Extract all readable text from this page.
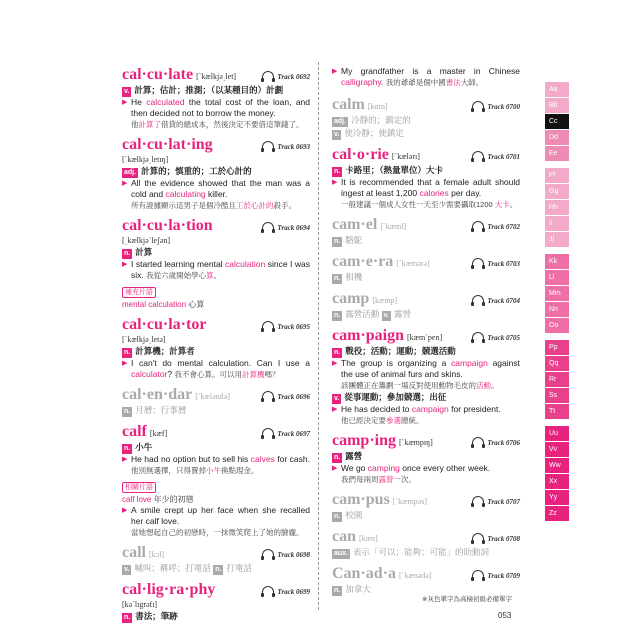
cal·cu·late [ˋkælkjə͵let]	Track 0692
v. 計算；估計；推測；（以某種目的）計劃
▶ He calculated the total cost of the loan, and then decided not to borrow the money.
他計算了借貸的總成本，然後決定不要借這筆錢了。
cal·cu·lat·ing	Track 0693
[ˋkælkjə͵letɪŋ]
adj. 計算的；慎重的；工於心計的
▶ All the evidence showed that the man was a cold and calculating killer.
所有證據顯示這男子是個冷酷且工於心計的殺手。
cal·cu·la·tion	Track 0694
[͵kælkjəˋleʃən]
n. 計算
▶ I started learning mental calculation since I was six. 我從六歲開始學心算。
補充片語
mental calculation 心算
cal·cu·la·tor	Track 0695
[ˋkælkjə͵letə]
n. 計算機；計算者
▶ I can't do mental calculation. Can I use a calculator? 我不會心算。可以用計算機嗎？
cal·en·dar [ˋkæləndə]	Track 0696
n. 月曆；行事曆
calf [kæf]	Track 0697
n. 小牛
▶ He had no option but to sell his calves for cash. 他別無選擇，只得賣掉小牛換點現金。
相關片語
calf love 年少的初戀
▶ A smile crept up her face when she recalled her calf love.
當她想起自己的初戀時，一抹微笑爬上了她的臉龐。
call [kɔl]	Track 0698
v. 喊叫；稱呼；打電話 n. 打電話
cal·lig·ra·phy	Track 0699
[kəˋlɪgrəfɪ]
n. 書法；筆跡
▶ My grandfather is a master in Chinese calligraphy. 我的爺爺是個中國書法大師。
calm [kɑm]	Track 0700
adj. 冷靜的；鎮定的
v. 使冷靜；使鎮定
cal·o·rie [ˋkælərɪ]	Track 0701
n. 卡路里；（熱量單位）大卡
▶ It is recommended that a female adult should ingest at least 1,200 calories per day.
一般建議一個成人女性一天至少需要攝取1200 大卡。
cam·el [ˋkæml]	Track 0702
n. 駱駝
cam·e·ra [ˋkæmərə]	Track 0703
n. 相機
camp [kæmp]	Track 0704
n. 露營活動 v. 露營
cam·paign [kæmˋpen]	Track 0705
n. 戰役；活動；運動；競選活動
▶ The group is organizing a campaign against the use of animal furs and skins.
該團體正在籌劃一場反對使用動物毛皮的活動。
v. 從事運動；參加競選；出征
▶ He has decided to campaign for president.
他已經決定要參選總統。
camp·ing [ˋkæmpɪŋ]	Track 0706
n. 露營
▶ We go camping once every other week.
我們每兩周露營一次。
cam·pus [ˋkæmpəs]	Track 0707
n. 校園
can [kæn]	Track 0708
aux. 表示「可以；能夠；可能」的助動詞
Can·ad·a [ˋkænədə]	Track 0709
n. 加拿大
Aa
Bb
Cc
Dd
Ee
Ff
Gg
Hh
Ii
Jj
Kk
Ll
Mm
Nn
Oo
Pp
Qq
Rr
Ss
Tt
Uu
Vv
Ww
Xx
Yy
Zz
※灰色單字為高檢初級必備單字
053
